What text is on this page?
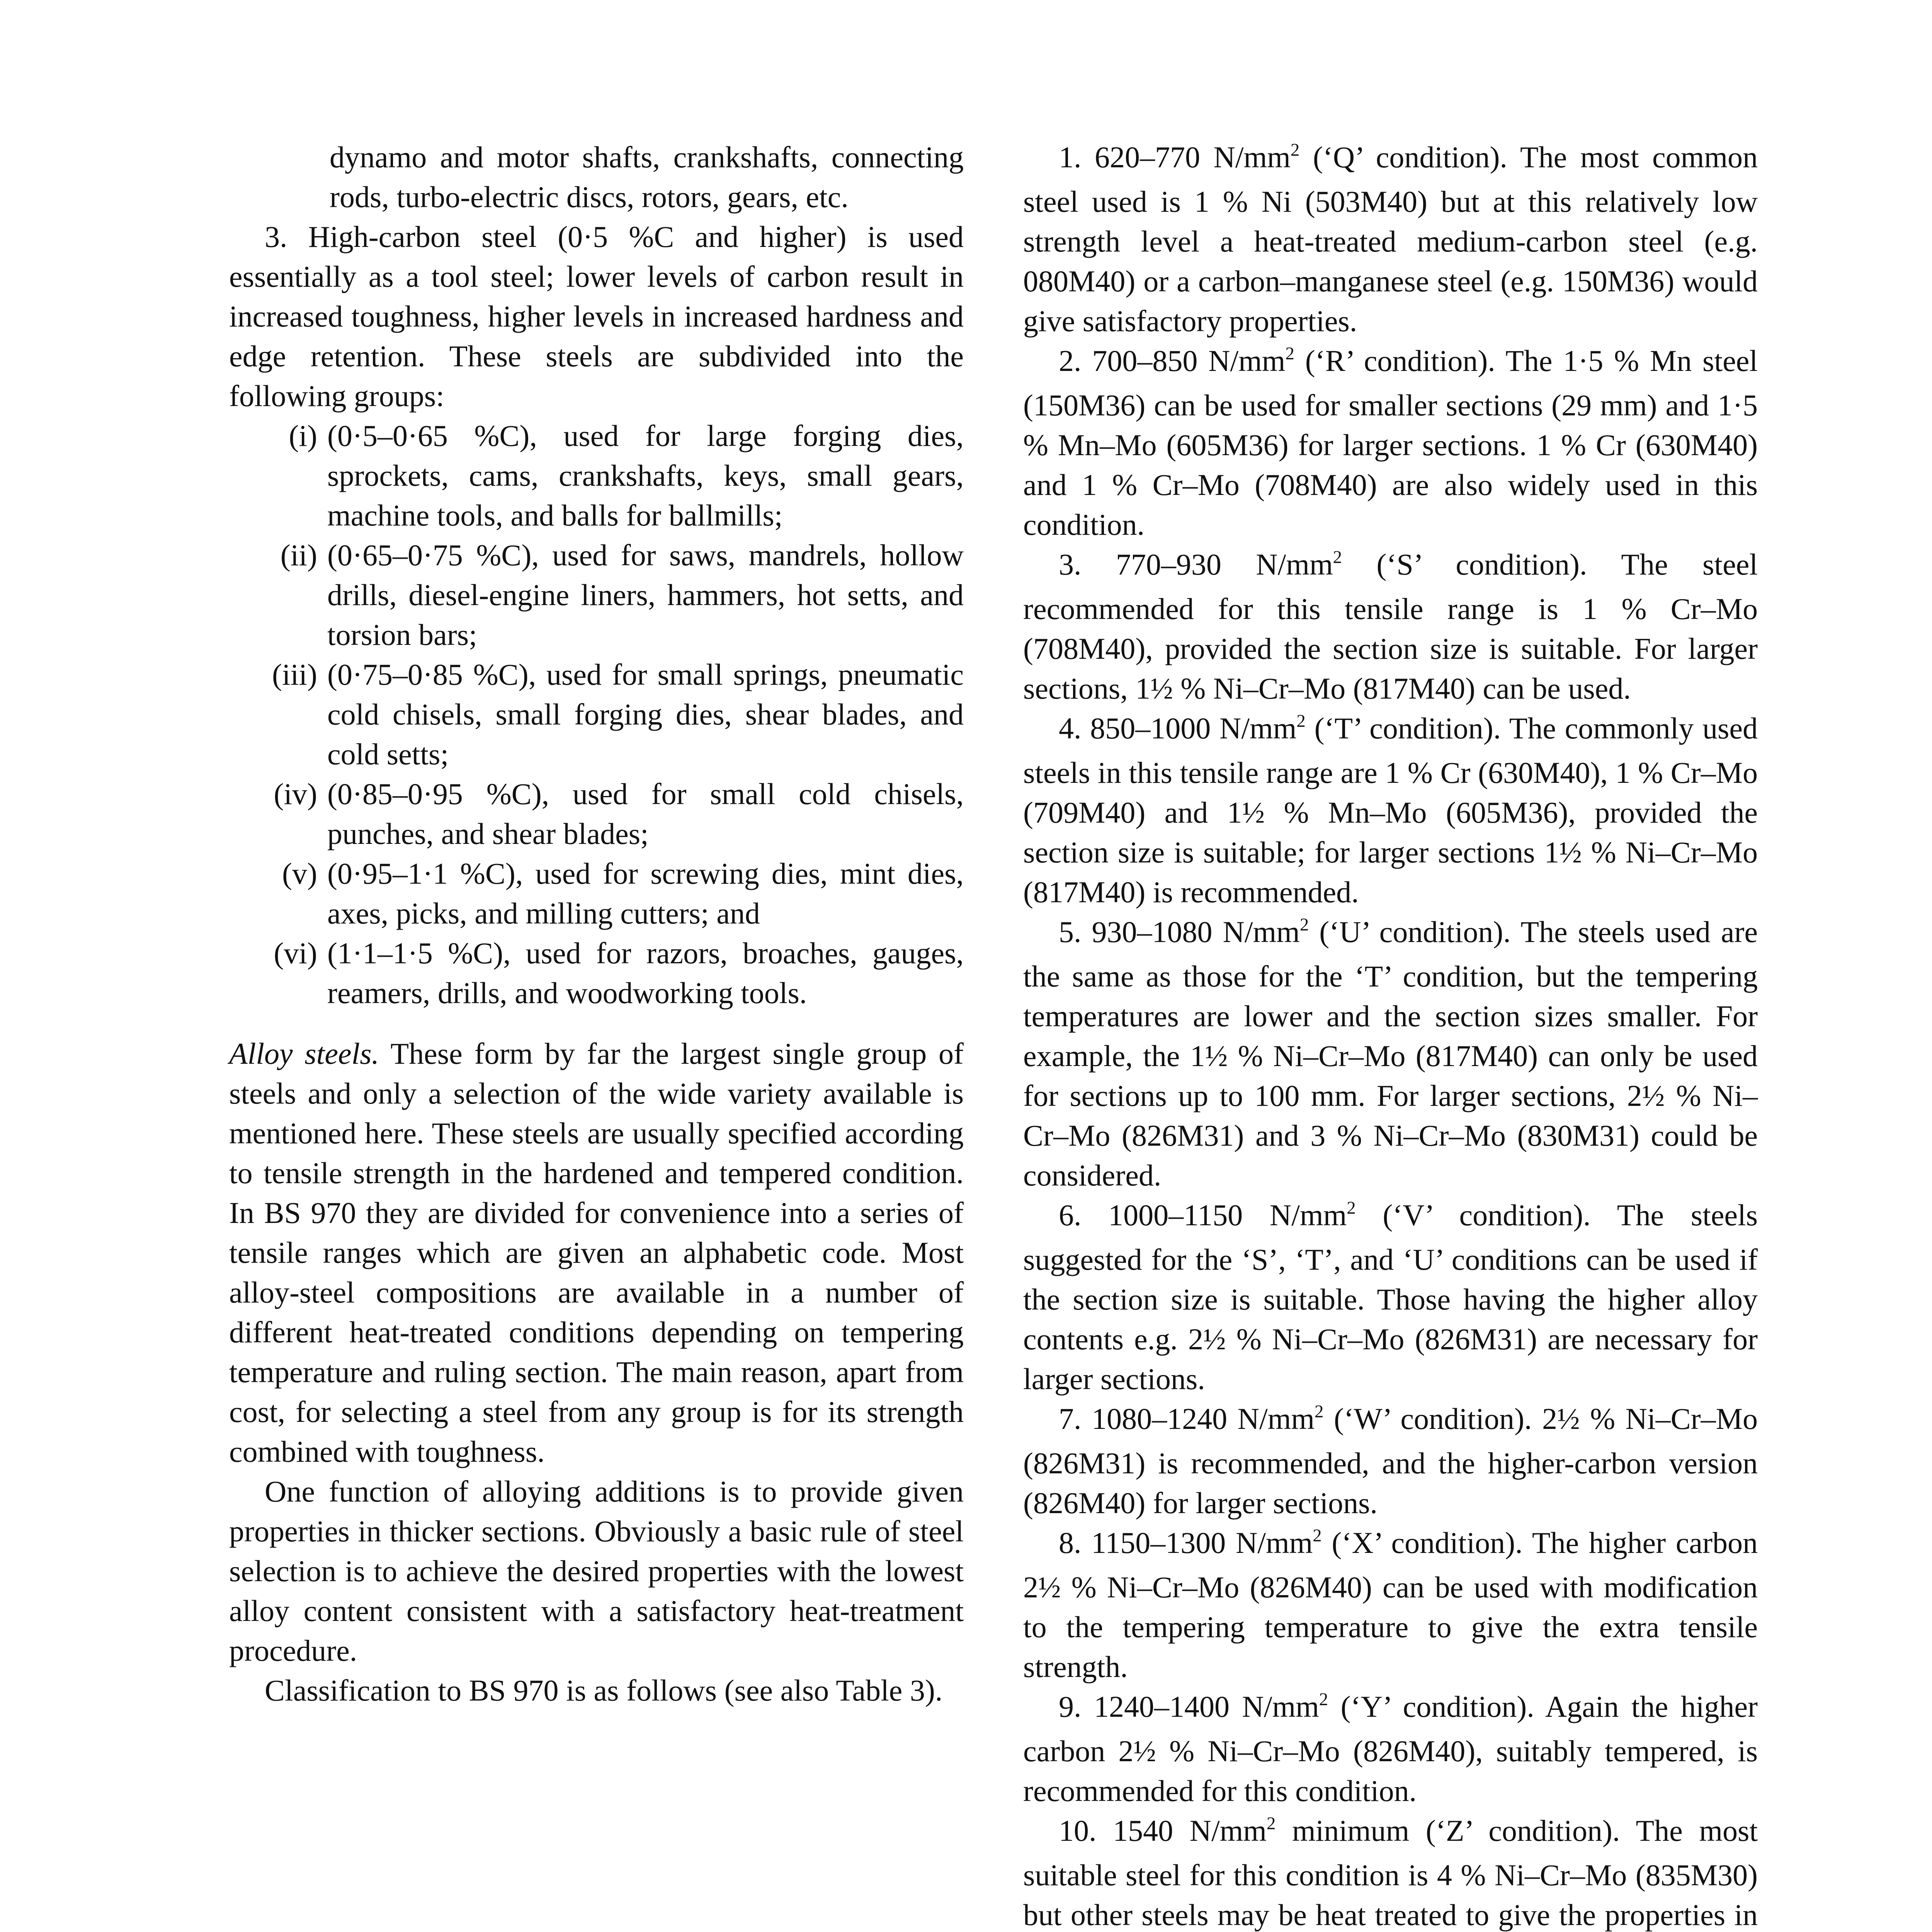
dynamo and motor shafts, crankshafts, connecting rods, turbo-electric discs, rotors, gears, etc.

3. High-carbon steel (0·5 %C and higher) is used essentially as a tool steel; lower levels of carbon result in increased toughness, higher levels in increased hardness and edge retention. These steels are subdivided into the following groups:

(i) (0·5–0·65 %C), used for large forging dies, sprockets, cams, crankshafts, keys, small gears, machine tools, and balls for ballmills;
(ii) (0·65–0·75 %C), used for saws, mandrels, hollow drills, diesel-engine liners, hammers, hot setts, and torsion bars;
(iii) (0·75–0·85 %C), used for small springs, pneumatic cold chisels, small forging dies, shear blades, and cold setts;
(iv) (0·85–0·95 %C), used for small cold chisels, punches, and shear blades;
(v) (0·95–1·1 %C), used for screwing dies, mint dies, axes, picks, and milling cutters; and
(vi) (1·1–1·5 %C), used for razors, broaches, gauges, reamers, drills, and woodworking tools.

Alloy steels. These form by far the largest single group of steels and only a selection of the wide variety available is mentioned here. These steels are usually specified according to tensile strength in the hardened and tempered condition. In BS 970 they are divided for convenience into a series of tensile ranges which are given an alphabetic code. Most alloy-steel compositions are available in a number of different heat-treated conditions depending on tempering temperature and ruling section. The main reason, apart from cost, for selecting a steel from any group is for its strength combined with toughness.

One function of alloying additions is to provide given properties in thicker sections. Obviously a basic rule of steel selection is to achieve the desired properties with the lowest alloy content consistent with a satisfactory heat-treatment procedure.

Classification to BS 970 is as follows (see also Table 3).

1. 620–770 $N/mm^2$ (‘Q’ condition). The most common steel used is 1 % Ni (503M40) but at this relatively low strength level a heat-treated medium-carbon steel (e.g. 080M40) or a carbon–manganese steel (e.g. 150M36) would give satisfactory properties.

2. 700–850 $N/mm^2$ (‘R’ condition). The 1·5 % Mn steel (150M36) can be used for smaller sections (29 mm) and 1·5 % Mn–Mo (605M36) for larger sections. 1 % Cr (630M40) and 1 % Cr–Mo (708M40) are also widely used in this condition.

3. 770–930 $N/mm^2$ (‘S’ condition). The steel recommended for this tensile range is 1 % Cr–Mo (708M40), provided the section size is suitable. For larger sections, 1½ % Ni–Cr–Mo (817M40) can be used.

4. 850–1000 $N/mm^2$ (‘T’ condition). The commonly used steels in this tensile range are 1 % Cr (630M40), 1 % Cr–Mo (709M40) and 1½ % Mn–Mo (605M36), provided the section size is suitable; for larger sections 1½ % Ni–Cr–Mo (817M40) is recommended.

5. 930–1080 $N/mm^2$ (‘U’ condition). The steels used are the same as those for the ‘T’ condition, but the tempering temperatures are lower and the section sizes smaller. For example, the 1½ % Ni–Cr–Mo (817M40) can only be used for sections up to 100 mm. For larger sections, 2½ % Ni–Cr–Mo (826M31) and 3 % Ni–Cr–Mo (830M31) could be considered.

6. 1000–1150 $N/mm^2$ (‘V’ condition). The steels suggested for the ‘S’, ‘T’, and ‘U’ conditions can be used if the section size is suitable. Those having the higher alloy contents e.g. 2½ % Ni–Cr–Mo (826M31) are necessary for larger sections.

7. 1080–1240 $N/mm^2$ (‘W’ condition). 2½ % Ni–Cr–Mo (826M31) is recommended, and the higher-carbon version (826M40) for larger sections.

8. 1150–1300 $N/mm^2$ (‘X’ condition). The higher carbon 2½ % Ni–Cr–Mo (826M40) can be used with modification to the tempering temperature to give the extra tensile strength.

9. 1240–1400 $N/mm^2$ (‘Y’ condition). Again the higher carbon 2½ % Ni–Cr–Mo (826M40), suitably tempered, is recommended for this condition.

10. 1540 $N/mm^2$ minimum (‘Z’ condition). The most suitable steel for this condition is 4 % Ni–Cr–Mo (835M30) but other steels may be heat treated to give the properties in
